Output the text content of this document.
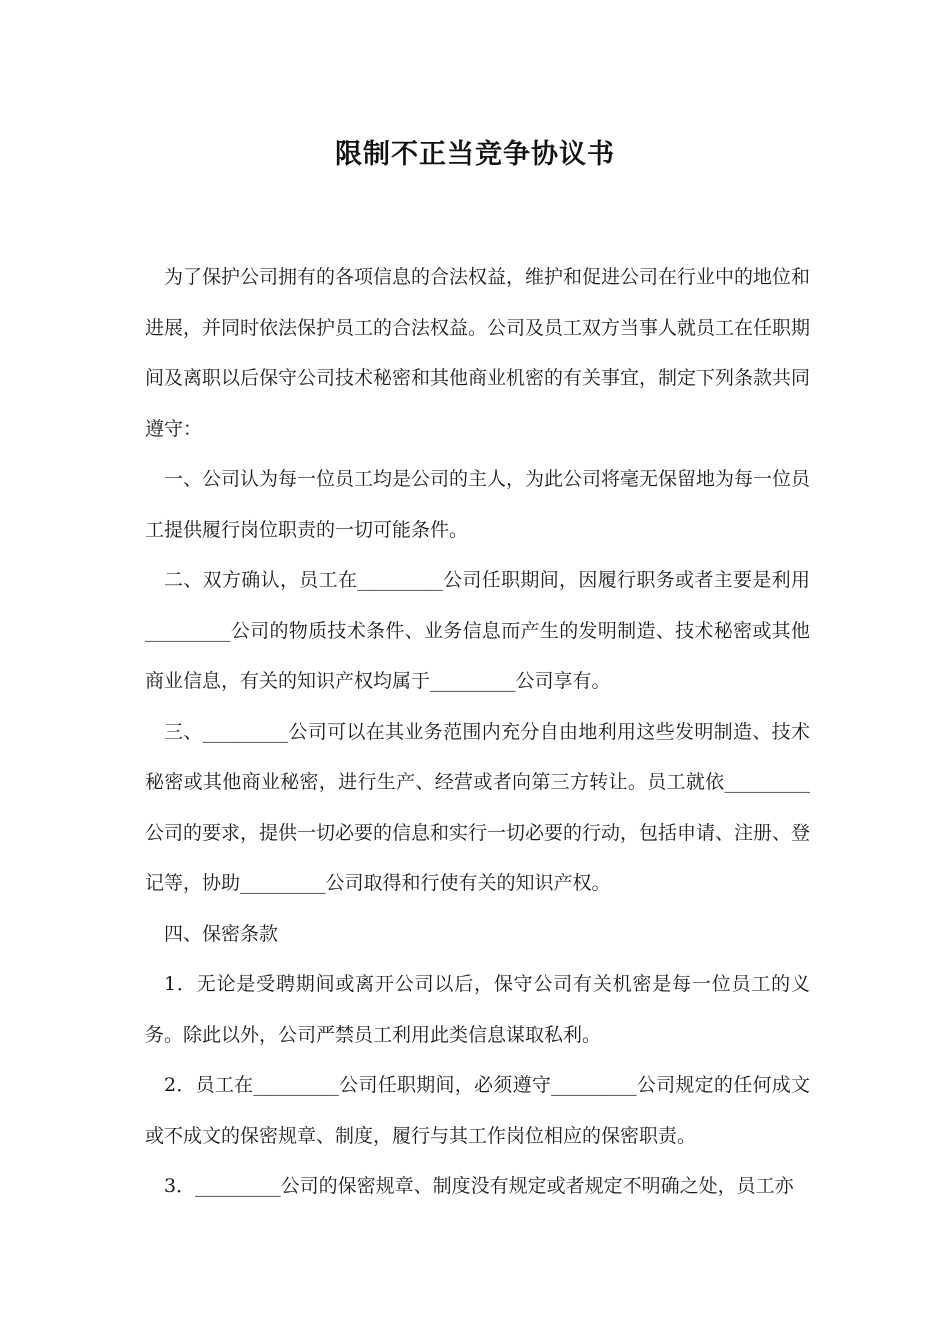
限制不正当竞争协议书

为了保护公司拥有的各项信息的合法权益，维护和促进公司在行业中的地位和进展，并同时依法保护员工的合法权益。公司及员工双方当事人就员工在任职期间及离职以后保守公司技术秘密和其他商业机密的有关事宜，制定下列条款共同遵守：

一、公司认为每一位员工均是公司的主人，为此公司将毫无保留地为每一位员工提供履行岗位职责的一切可能条件。

二、双方确认，员工在_________公司任职期间，因履行职务或者主要是利用_________公司的物质技术条件、业务信息而产生的发明制造、技术秘密或其他商业信息，有关的知识产权均属于_________公司享有。

三、_________公司可以在其业务范围内充分自由地利用这些发明制造、技术秘密或其他商业秘密，进行生产、经营或者向第三方转让。员工就依_________公司的要求，提供一切必要的信息和实行一切必要的行动，包括申请、注册、登记等，协助_________公司取得和行使有关的知识产权。

四、保密条款

1．无论是受聘期间或离开公司以后，保守公司有关机密是每一位员工的义务。除此以外，公司严禁员工利用此类信息谋取私利。

2．员工在_________公司任职期间，必须遵守_________公司规定的任何成文或不成文的保密规章、制度，履行与其工作岗位相应的保密职责。

3．_________公司的保密规章、制度没有规定或者规定不明确之处，员工亦
